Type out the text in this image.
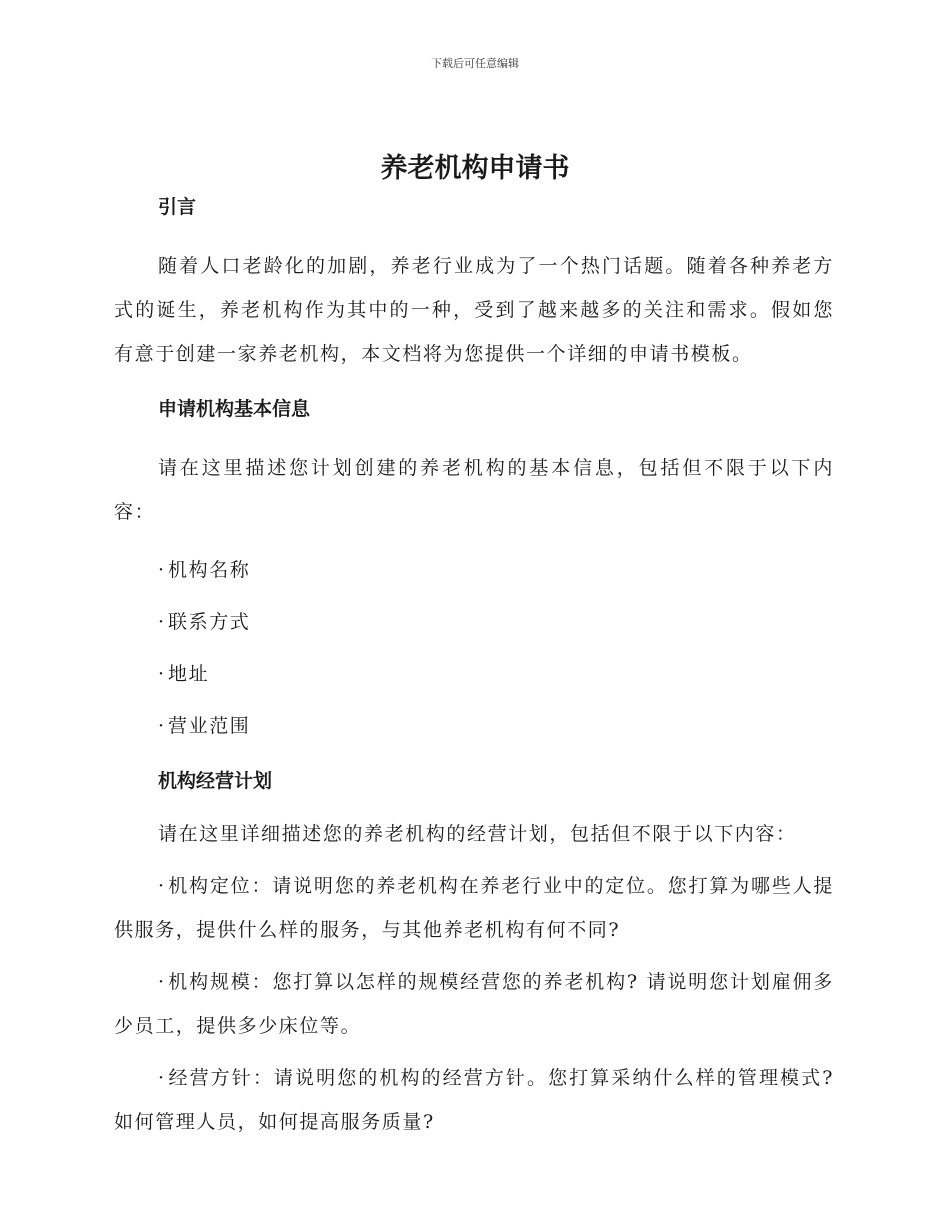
下载后可任意编辑
养老机构申请书
引言

随着人口老龄化的加剧，养老行业成为了一个热门话题。随着各种养老方式的诞生，养老机构作为其中的一种，受到了越来越多的关注和需求。假如您有意于创建一家养老机构，本文档将为您提供一个详细的申请书模板。

申请机构基本信息

请在这里描述您计划创建的养老机构的基本信息，包括但不限于以下内容：

· 机构名称
· 联系方式
· 地址
· 营业范围
机构经营计划

请在这里详细描述您的养老机构的经营计划，包括但不限于以下内容：

· 机构定位：请说明您的养老机构在养老行业中的定位。您打算为哪些人提供服务，提供什么样的服务，与其他养老机构有何不同?

· 机构规模：您打算以怎样的规模经营您的养老机构? 请说明您计划雇佣多少员工，提供多少床位等。

· 经营方针：请说明您的机构的经营方针。您打算采纳什么样的管理模式? 如何管理人员，如何提高服务质量?
